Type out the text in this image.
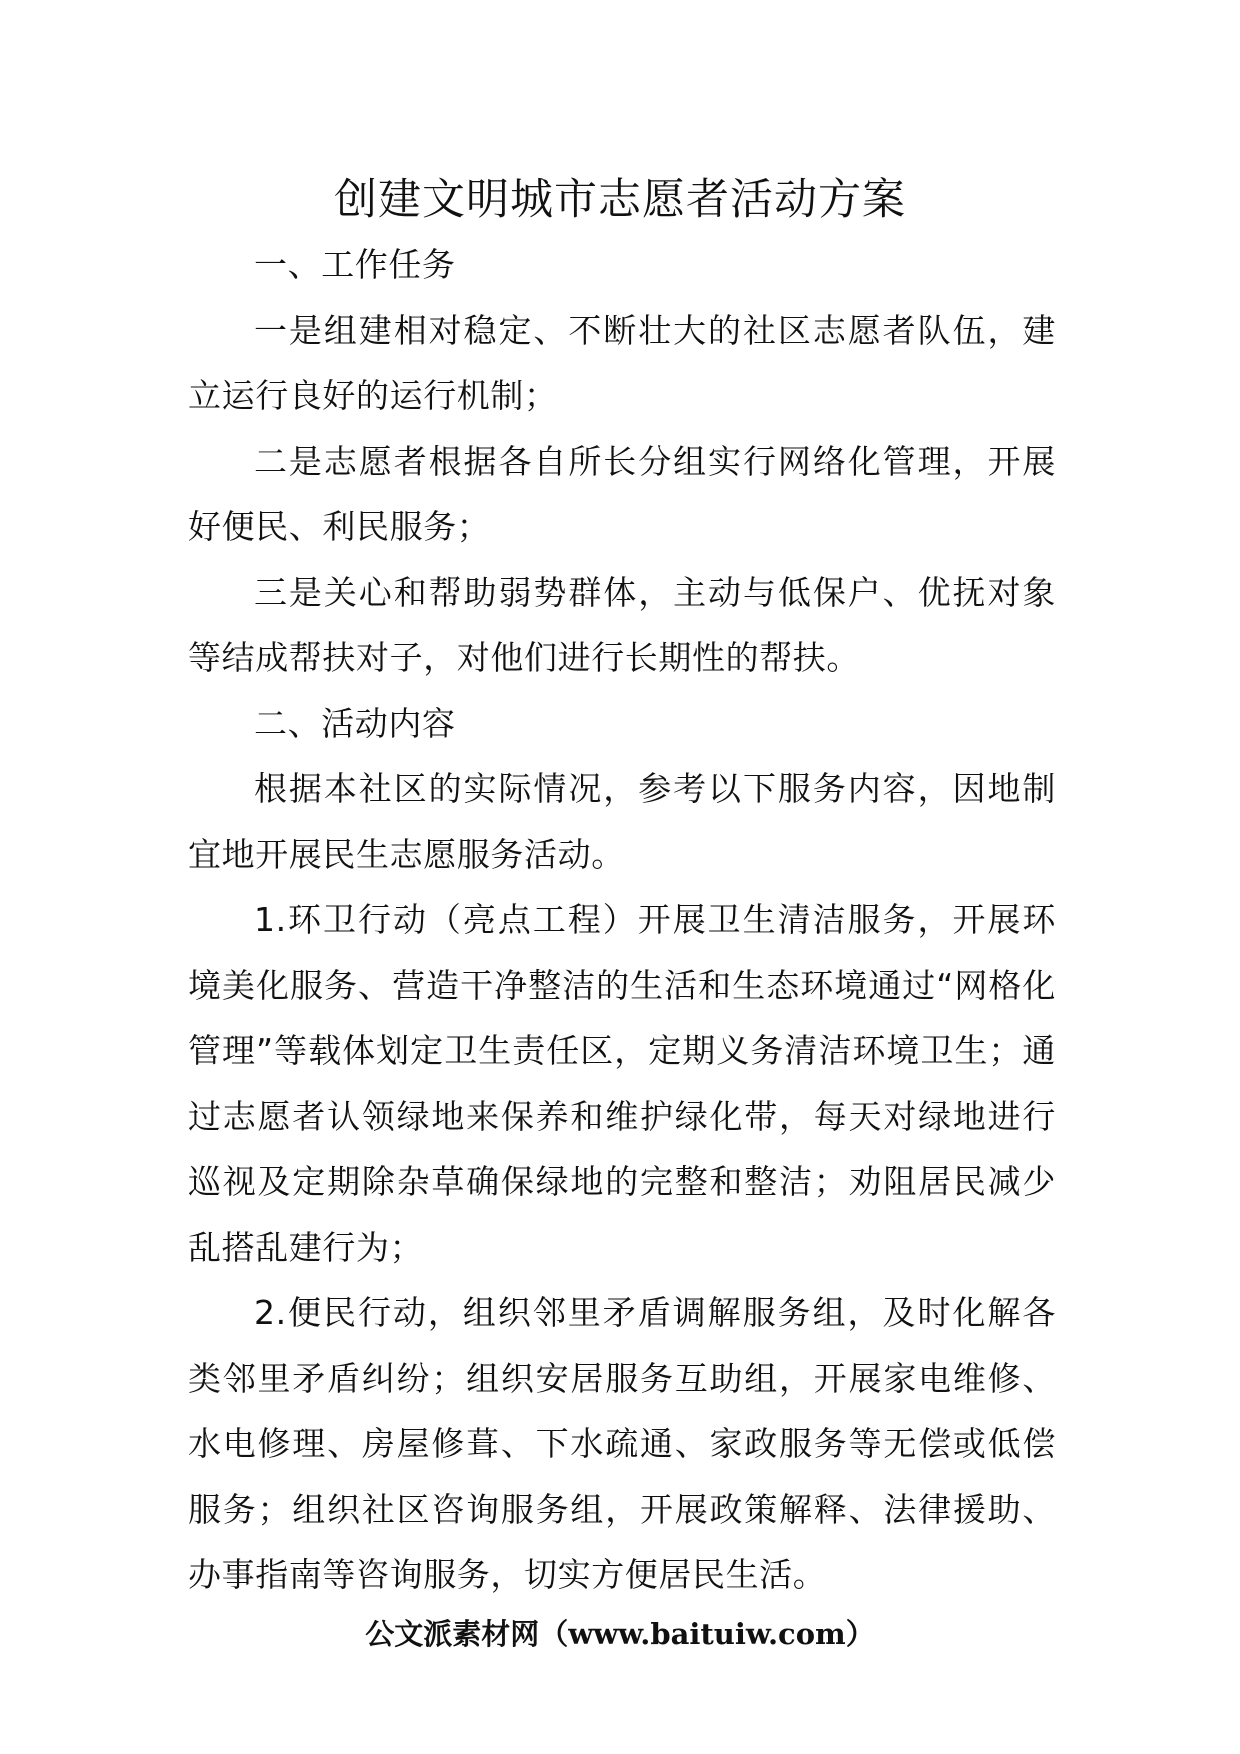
创建文明城市志愿者活动方案

一、工作任务

一是组建相对稳定、不断壮大的社区志愿者队伍，建立运行良好的运行机制；

二是志愿者根据各自所长分组实行网络化管理，开展好便民、利民服务；

三是关心和帮助弱势群体，主动与低保户、优抚对象等结成帮扶对子，对他们进行长期性的帮扶。

二、活动内容

根据本社区的实际情况，参考以下服务内容，因地制宜地开展民生志愿服务活动。

1.环卫行动（亮点工程）开展卫生清洁服务，开展环境美化服务、营造干净整洁的生活和生态环境通过“网格化管理”等载体划定卫生责任区，定期义务清洁环境卫生；通过志愿者认领绿地来保养和维护绿化带，每天对绿地进行巡视及定期除杂草确保绿地的完整和整洁；劝阻居民减少乱搭乱建行为；

2.便民行动，组织邻里矛盾调解服务组，及时化解各类邻里矛盾纠纷；组织安居服务互助组，开展家电维修、水电修理、房屋修葺、下水疏通、家政服务等无偿或低偿服务；组织社区咨询服务组，开展政策解释、法律援助、办事指南等咨询服务，切实方便居民生活。

公文派素材网（www.baituiw.com）
